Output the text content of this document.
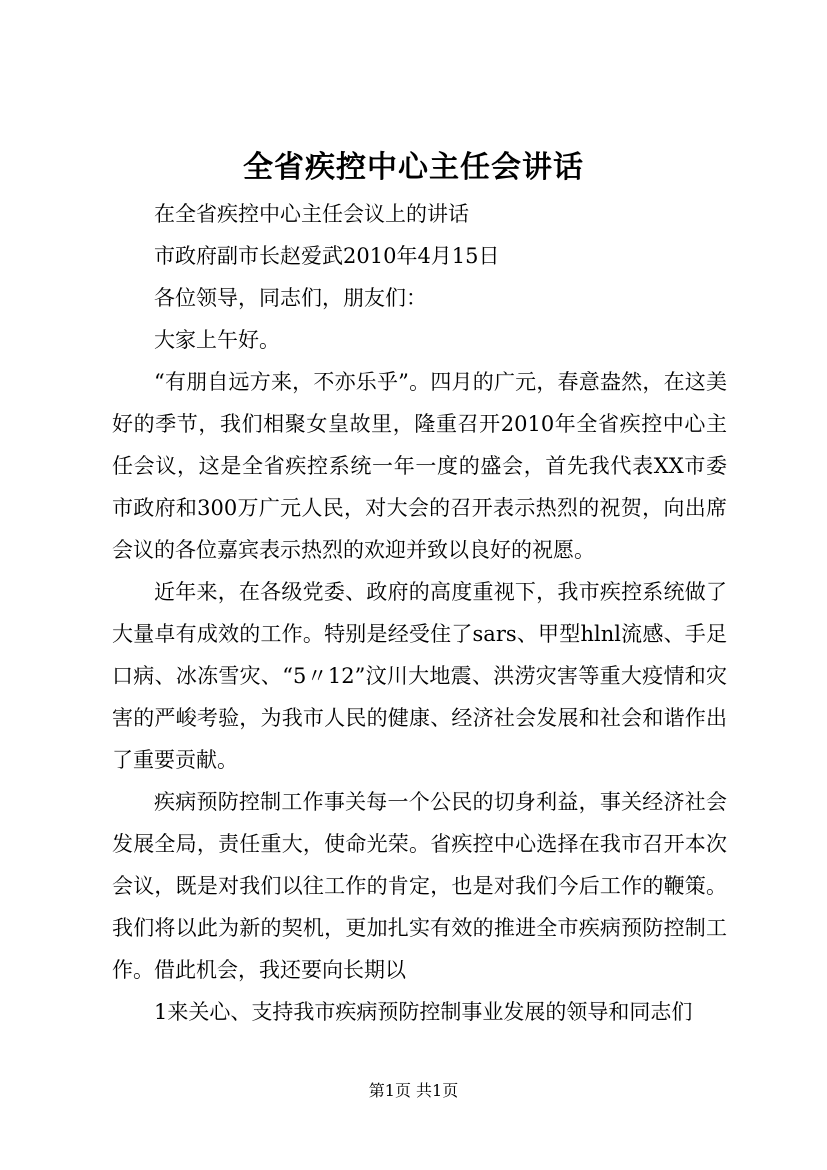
全省疾控中心主任会讲话

在全省疾控中心主任会议上的讲话

市政府副市长赵爱武2010年4月15日

各位领导，同志们，朋友们：

大家上午好。

“有朋自远方来，不亦乐乎”。四月的广元，春意盎然，在这美好的季节，我们相聚女皇故里，隆重召开2010年全省疾控中心主任会议，这是全省疾控系统一年一度的盛会，首先我代表XX市委市政府和300万广元人民，对大会的召开表示热烈的祝贺，向出席会议的各位嘉宾表示热烈的欢迎并致以良好的祝愿。

近年来，在各级党委、政府的高度重视下，我市疾控系统做了大量卓有成效的工作。特别是经受住了sars、甲型hlnl流感、手足口病、冰冻雪灾、“5〃12”汶川大地震、洪涝灾害等重大疫情和灾害的严峻考验，为我市人民的健康、经济社会发展和社会和谐作出了重要贡献。

疾病预防控制工作事关每一个公民的切身利益，事关经济社会发展全局，责任重大，使命光荣。省疾控中心选择在我市召开本次会议，既是对我们以往工作的肯定，也是对我们今后工作的鞭策。我们将以此为新的契机，更加扎实有效的推进全市疾病预防控制工作。借此机会，我还要向长期以

1来关心、支持我市疾病预防控制事业发展的领导和同志们

第1页 共1页
